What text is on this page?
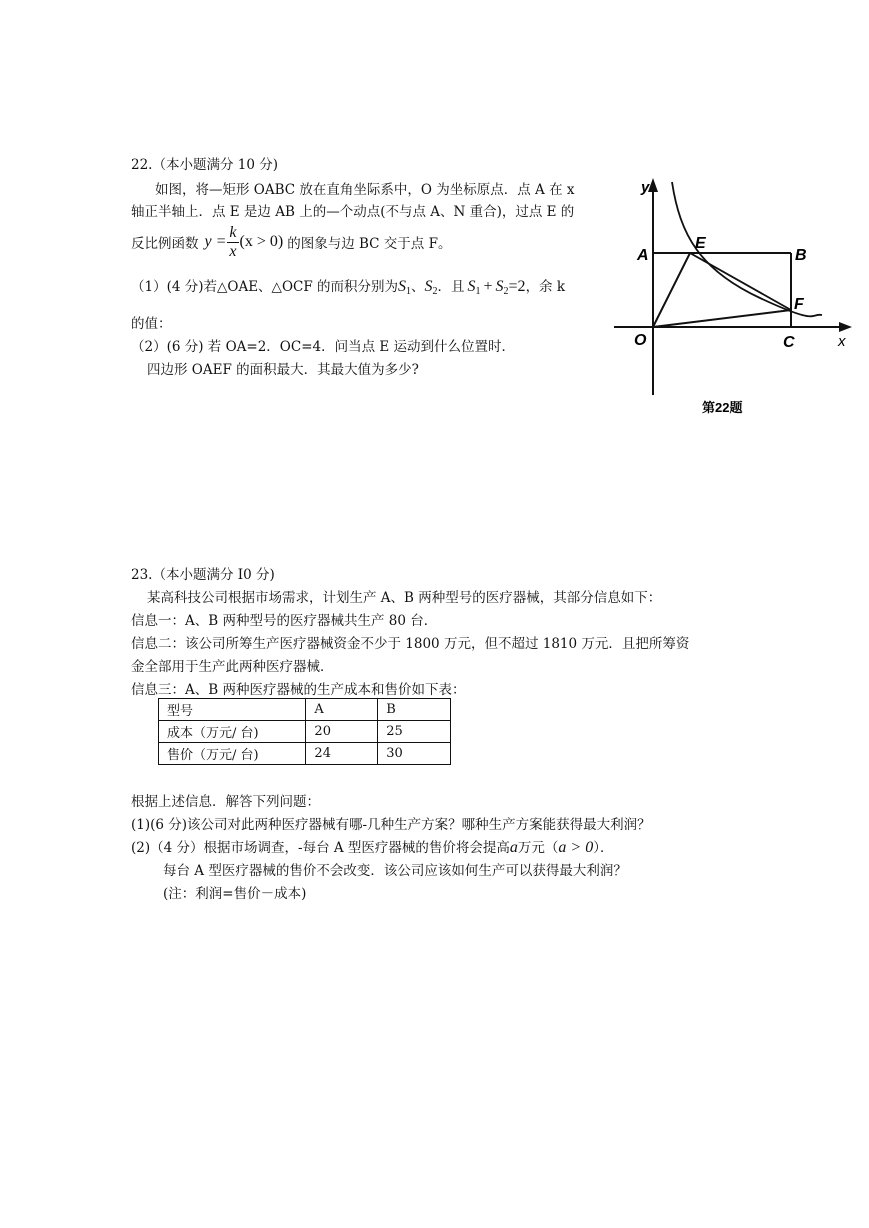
22.（本小题满分 10 分)
如图，将—矩形 OABC 放在直角坐际系中，O 为坐标原点．点 A 在 x
轴正半轴上．点 E 是边 AB 上的—个动点(不与点 A、N 重合)，过点 E 的
反比例函数 $y = \frac{k}{x} (x > 0)$ 的图象与边 BC 交于点 F。
（1）(4 分)若△OAE、△OCF 的而积分别为 $S_1$ 、 $S_2$ ．且 $S_1 + S_2 =2$ ，余 k
的值：
（2）(6 分) 若 OA=2．OC=4．问当点 E 运动到什么位置时．
四边形 OAEF 的面积最大．其最大值为多少?
y
x
A
E
B
F
O	C
第22题
23.（本小题满分 I0 分)
某高科技公司根据市场需求，计划生产 A、B 两种型号的医疗器械，其部分信息如下：
信息一：A、B 两种型号的医疗器械共生产 80 台．
信息二：该公司所筹生产医疗器械资金不少于 1800 万元，但不超过 1810 万元．且把所筹资
金全部用于生产此两种医疗器械．
信息三：A、B 两种医疗器械的生产成本和售价如下表：
型号	A	B
成本（万元/ 台)	20	25
售价（万元/ 台)	24	30
根据上述信息．解答下列问题：
(1)(6 分)该公司对此两种医疗器械有哪-几种生产方案？哪种生产方案能获得最大利润？
(2)（4 分）根据市场调查，-每台 A 型医疗器械的售价将会提高 a 万元（ a > 0 ）．
每台 A 型医疗器械的售价不会改变．该公司应该如何生产可以获得最大利润？
(注：利润=售价－成本)
